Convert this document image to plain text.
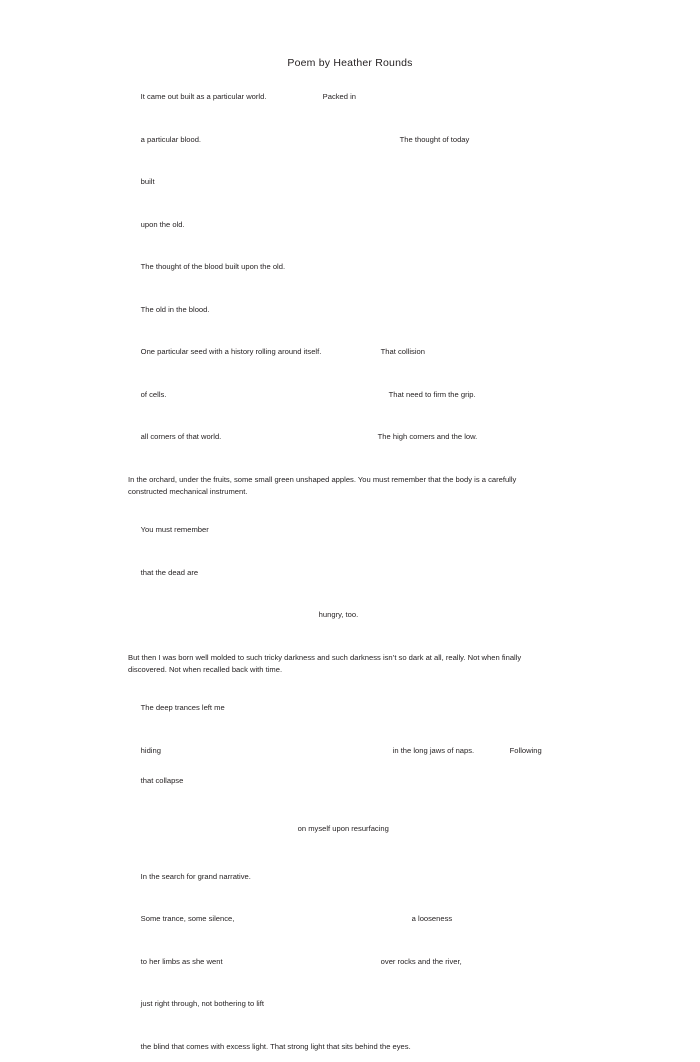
Poem by Heather Rounds

It came out built as a particular world.	Packed in

a particular blood.	The thought of today

built

upon the old.

The thought of the blood built upon the old.

The old in the blood.

One particular seed with a history rolling around itself.	That collision

of cells.	That need to firm the grip.

all corners of that world.	The high corners and the low.

In the orchard, under the fruits, some small green unshaped apples. You must remember that the body is a carefully constructed mechanical instrument.

You must remember

that the dead are

hungry, too.

But then I was born well molded to such tricky darkness and such darkness isn’t so dark at all, really. Not when finally discovered. Not when recalled back with time.

The deep trances left me

hiding	in the long jaws of naps.	Following

that collapse

on myself upon resurfacing

In the search for grand narrative.

Some trance, some silence,	a looseness

to her limbs as she went	over rocks and the river,

just right through, not bothering to lift

the blind that comes with excess light. That strong light that sits behind the eyes.
